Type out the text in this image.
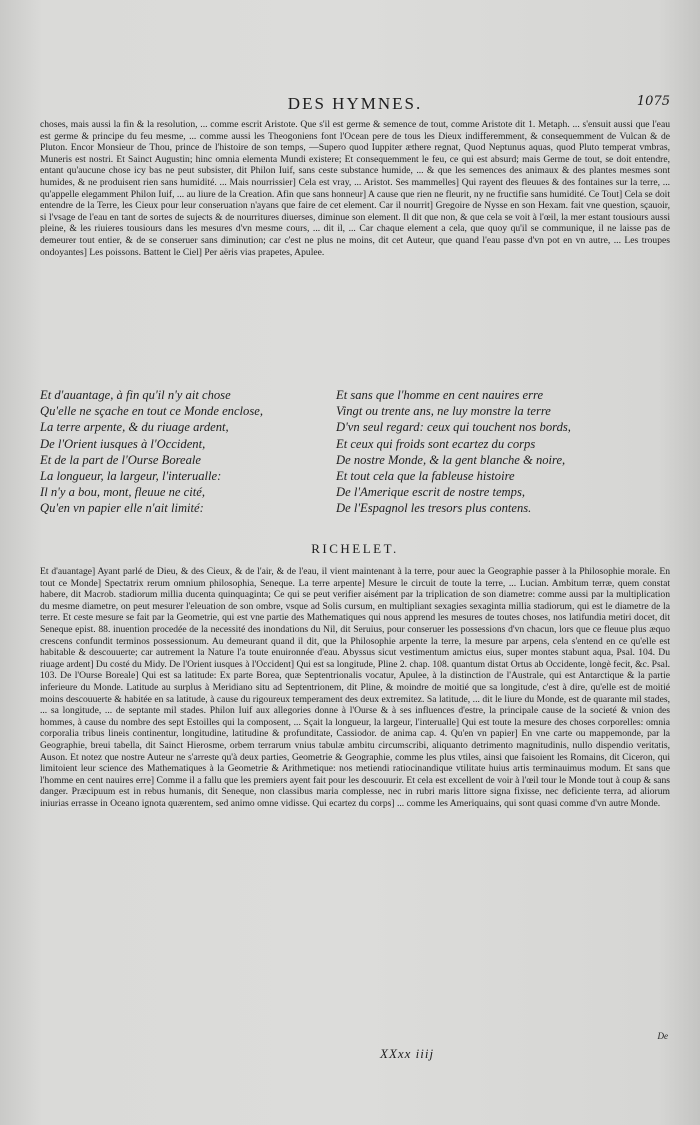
DES HYMNES.	1075

choses, mais aussi la fin & la resolution, ... comme escrit Aristote. Que s'il est germe & semence de tout, comme Aristote dit 1. Metaph. ... s'ensuit aussi que l'eau est germe & principe du feu mesme, ... comme aussi les Theogoniens font l'Ocean pere de tous les Dieux indifferemment, & consequemment de Vulcan & de Pluton. Encor Monsieur de Thou, prince de l'histoire de son temps, —Supero quod Iuppiter æthere regnat, Quod Neptunus aquas, quod Pluto temperat vmbras, Muneris est nostri. Et Sainct Augustin; hinc omnia elementa Mundi existere; Et consequemment le feu, ce qui est absurd; mais Germe de tout, se doit entendre, entant qu'aucune chose icy bas ne peut subsister, dit Philon Iuif, sans ceste substance humide, ... & que les semences des animaux & des plantes mesmes sont humides, & ne produisent rien sans humidité. ... Mais nourrissier] Cela est vray, ... Aristot. Ses mammelles] Qui rayent des fleuues & des fontaines sur la terre, ... qu'appelle elegamment Philon Iuif, ... au liure de la Creation. Afin que sans honneur] A cause que rien ne fleurit, ny ne fructifie sans humidité. Ce Tout] Cela se doit entendre de la Terre, les Cieux pour leur conseruation n'ayans que faire de cet element. Car il nourrit] Gregoire de Nysse en son Hexam. fait vne question, sçauoir, si l'vsage de l'eau en tant de sortes de sujects & de nourritures diuerses, diminue son element. Il dit que non, & que cela se voit à l'œil, la mer estant tousiours aussi pleine, & les riuieres tousiours dans les mesures d'vn mesme cours, ... dit il, ... Car chaque element a cela, que quoy qu'il se communique, il ne laisse pas de demeurer tout entier, & de se conseruer sans diminution; car c'est ne plus ne moins, dit cet Auteur, que quand l'eau passe d'vn pot en vn autre, ... Les troupes ondoyantes] Les poissons. Battent le Ciel] Per aëris vias prapetes, Apulee.

Et d'auantage, à fin qu'il n'y ait chose
Qu'elle ne sçache en tout ce Monde enclose,
La terre arpente, & du riuage ardent,
De l'Orient iusques à l'Occident,
Et de la part de l'Ourse Boreale
La longueur, la largeur, l'interualle:
Il n'y a bou, mont, fleuue ne cité,
Qu'en vn papier elle n'ait limité:
Et sans que l'homme en cent nauires erre
Vingt ou trente ans, ne luy monstre la terre
D'vn seul regard: ceux qui touchent nos bords,
Et ceux qui froids sont ecartez du corps
De nostre Monde, & la gent blanche & noire,
Et tout cela que la fableuse histoire
De l'Amerique escrit de nostre temps,
De l'Espagnol les tresors plus contens.
RICHELET.

Et d'auantage] Ayant parlé de Dieu, & des Cieux, & de l'air, & de l'eau, il vient maintenant à la terre, pour auec la Geographie passer à la Philosophie morale. En tout ce Monde] Spectatrix rerum omnium philosophia, Seneque. La terre arpente] Mesure le circuit de toute la terre, ... Lucian. Ambitum terræ, quem constat habere, dit Macrob. stadiorum millia ducenta quinquaginta; Ce qui se peut verifier aisément par la triplication de son diametre: comme aussi par la multiplication du mesme diametre, on peut mesurer l'eleuation de son ombre, vsque ad Solis cursum, en multipliant sexagies sexaginta millia stadiorum, qui est le diametre de la terre. Et ceste mesure se fait par la Geometrie, qui est vne partie des Mathematiques qui nous apprend les mesures de toutes choses, nos latifundia metiri docet, dit Seneque epist. 88. inuention procedée de la necessité des inondations du Nil, dit Seruius, pour conseruer les possessions d'vn chacun, lors que ce fleuue plus æquo crescens confundit terminos possessionum. Au demeurant quand il dit, que la Philosophie arpente la terre, la mesure par arpens, cela s'entend en ce qu'elle est habitable & descouuerte; car autrement la Nature l'a toute enuironnée d'eau. Abyssus sicut vestimentum amictus eius, super montes stabunt aqua, Psal. 104. Du riuage ardent] Du costé du Midy. De l'Orient iusques à l'Occident] Qui est sa longitude, Pline 2. chap. 108. quantum distat Ortus ab Occidente, longè fecit, &c. Psal. 103. De l'Ourse Boreale] Qui est sa latitude: Ex parte Borea, quæ Septentrionalis vocatur, Apulee, à la distinction de l'Australe, qui est Antarctique & la partie inferieure du Monde. Latitude au surplus à Meridiano situ ad Septentrionem, dit Pline, & moindre de moitié que sa longitude, c'est à dire, qu'elle est de moitié moins descouuerte & habitée en sa latitude, à cause du rigoureux temperament des deux extremitez. Sa latitude, ... dit le liure du Monde, est de quarante mil stades, ... sa longitude, ... de septante mil stades. Philon Iuif aux allegories donne à l'Ourse & à ses influences d'estre, la principale cause de la societé & vnion des hommes, à cause du nombre des sept Estoilles qui la composent, ... Sçait la longueur, la largeur, l'interualle] Qui est toute la mesure des choses corporelles: omnia corporalia tribus lineis continentur, longitudine, latitudine & profunditate, Cassiodor. de anima cap. 4. Qu'en vn papier] En vne carte ou mappemonde, par la Geographie, breui tabella, dit Sainct Hierosme, orbem terrarum vnius tabulæ ambitu circumscribi, aliquanto detrimento magnitudinis, nullo dispendio veritatis, Auson. Et notez que nostre Auteur ne s'arreste qu'à deux parties, Geometrie & Geographie, comme les plus vtiles, ainsi que faisoient les Romains, dit Ciceron, qui limitoient leur science des Mathematiques à la Geometrie & Arithmetique: nos metiendi ratiocinandique vtilitate huius artis terminauimus modum. Et sans que l'homme en cent nauires erre] Comme il a fallu que les premiers ayent fait pour les descouurir. Et cela est excellent de voir à l'œil tour le Monde tout à coup & sans danger. Præcipuum est in rebus humanis, dit Seneque, non classibus maria complesse, nec in rubri maris littore signa fixisse, nec deficiente terra, ad aliorum iniurias errasse in Oceano ignota quærentem, sed animo omne vidisse. Qui ecartez du corps] ... comme les Ameriquains, qui sont quasi comme d'vn autre Monde.

De
XXxx iiij
